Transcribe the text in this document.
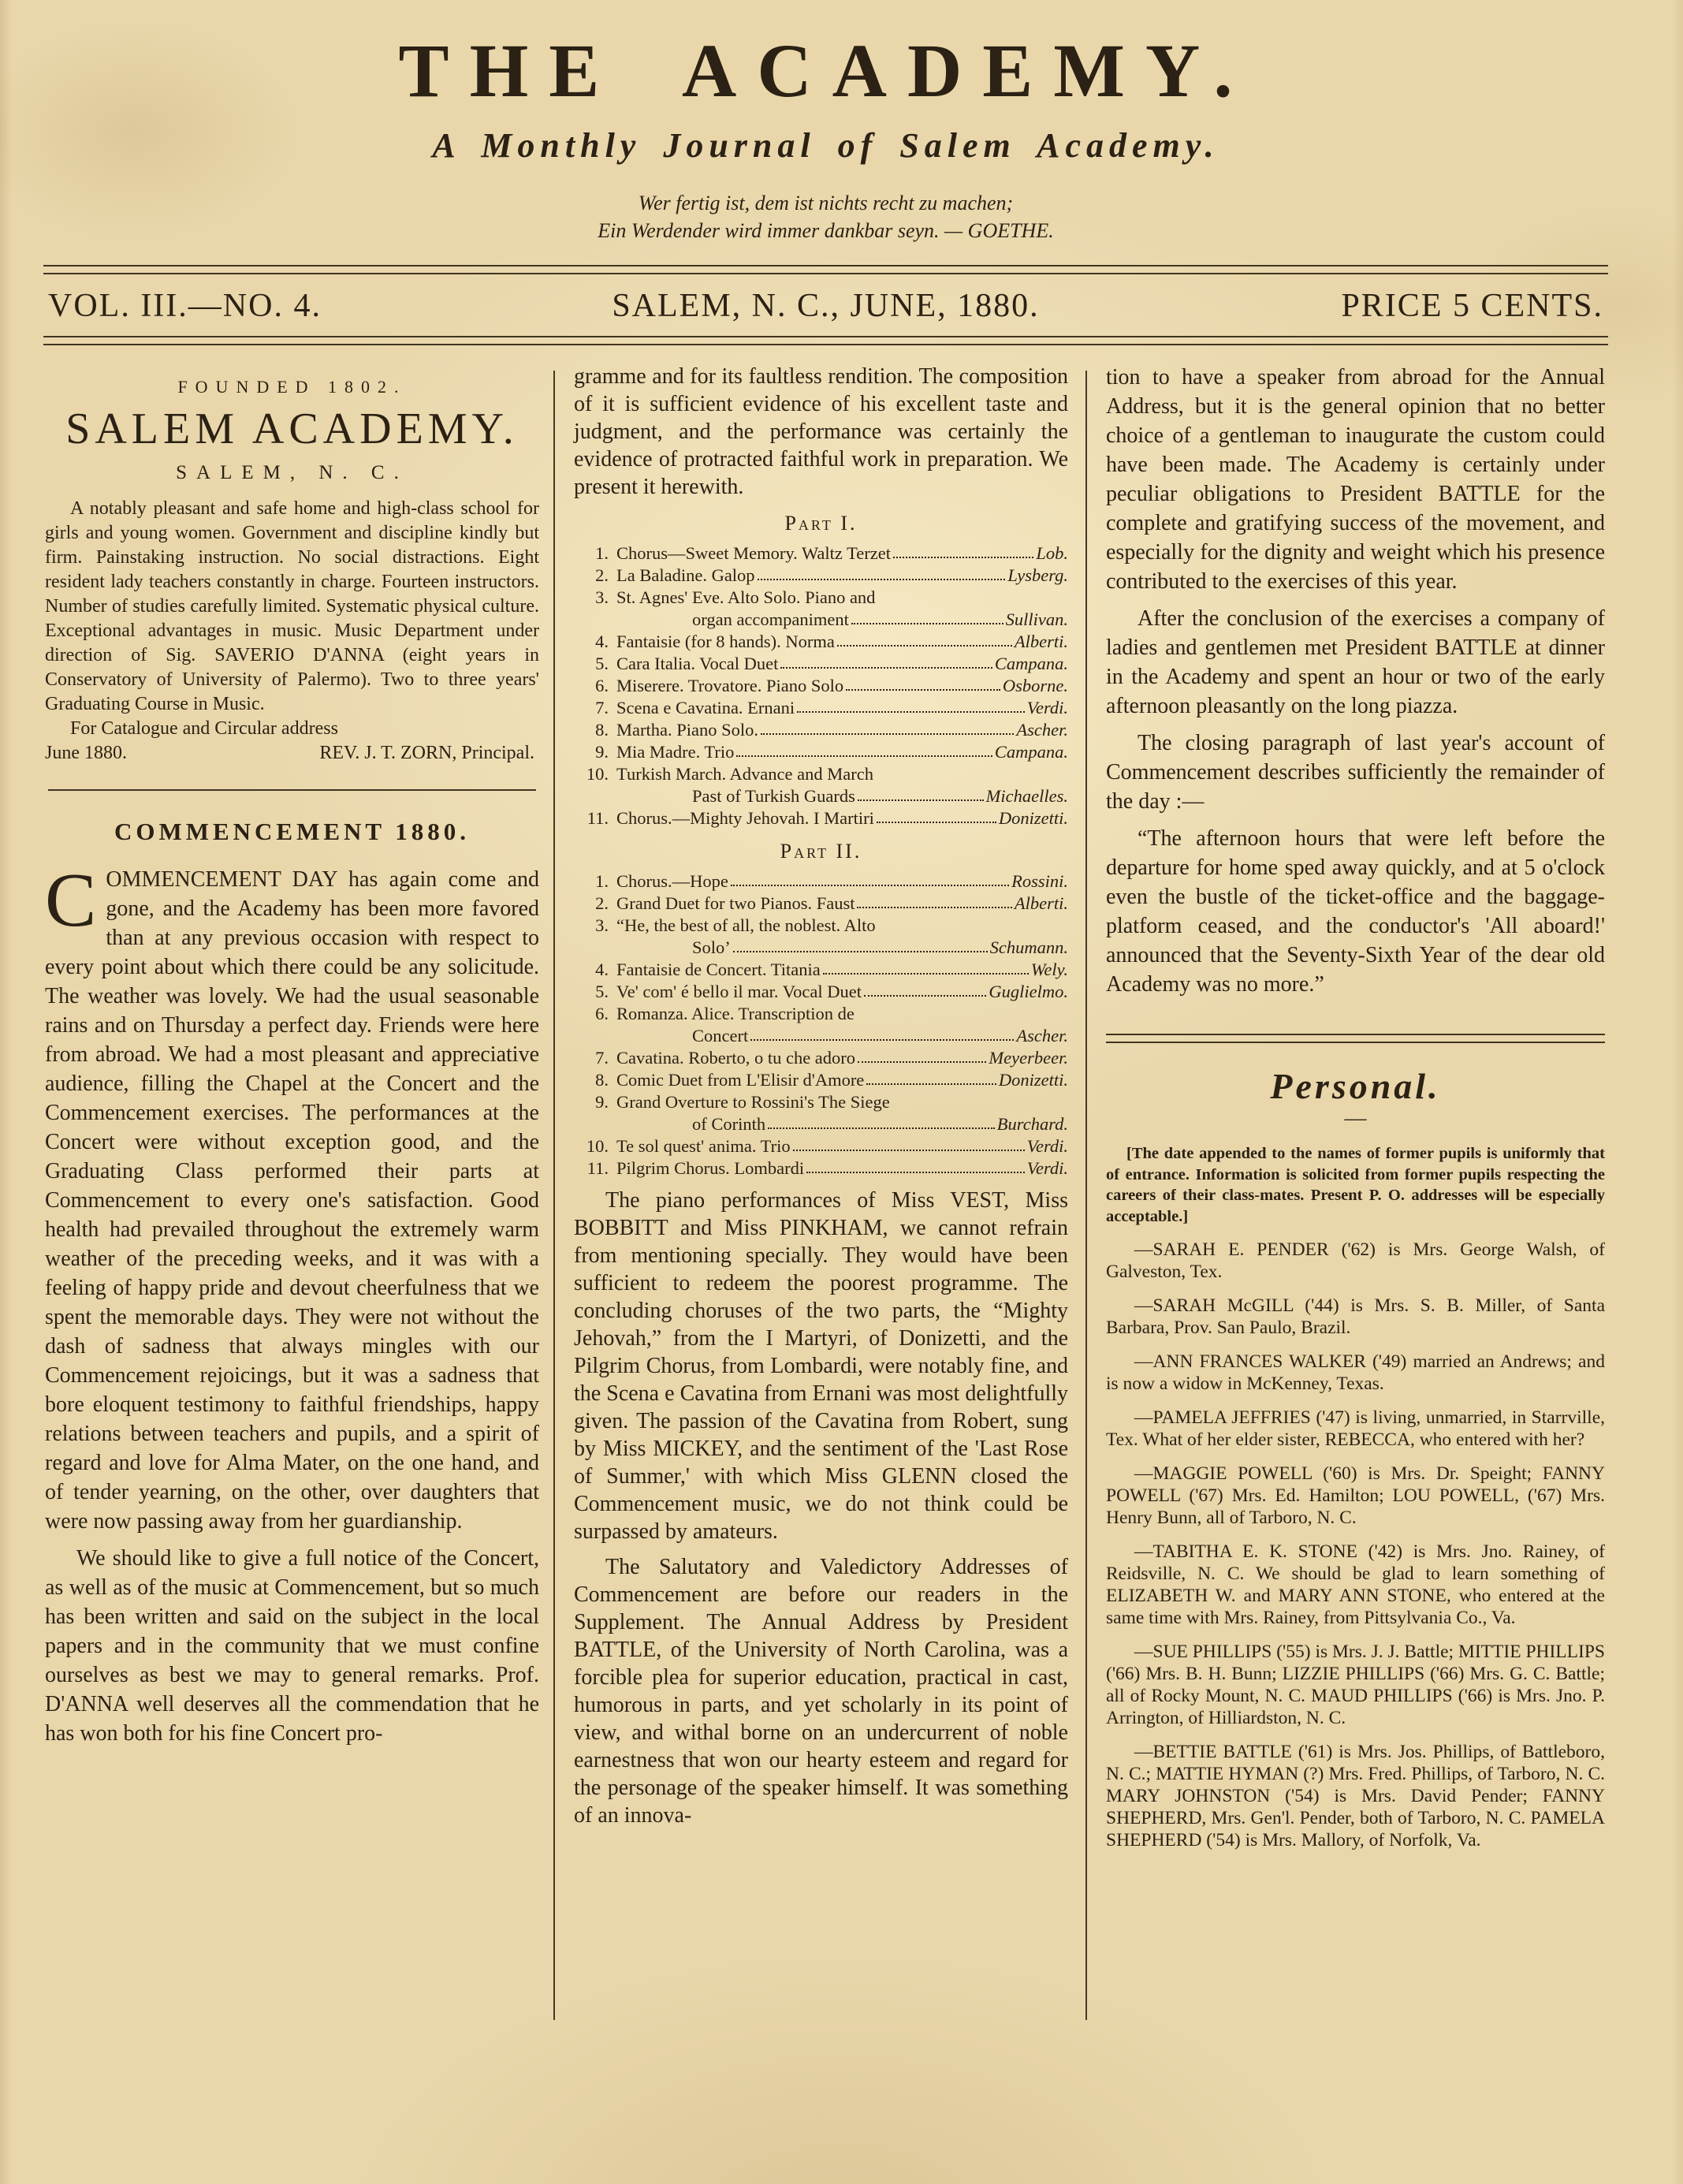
THE ACADEMY.
A Monthly Journal of Salem Academy.
Wer fertig ist, dem ist nichts recht zu machen;
Ein Werdender wird immer dankbar seyn. — GOETHE.
VOL. III.—NO. 4.	SALEM, N. C., JUNE, 1880.	PRICE 5 CENTS.
FOUNDED 1802.
SALEM ACADEMY.
SALEM, N. C.

A notably pleasant and safe home and high-class school for girls and young women. Government and discipline kindly but firm. Painstaking instruction. No social distractions. Eight resident lady teachers constantly in charge. Fourteen instructors. Number of studies carefully limited. Systematic physical culture. Exceptional advantages in music. Music Department under direction of Sig. SAVERIO D'ANNA (eight years in Conservatory of University of Palermo). Two to three years' Graduating Course in Music.

For Catalogue and Circular address

June 1880.	REV. J. T. ZORN, Principal.
COMMENCEMENT 1880.

COMMENCEMENT DAY has again come and gone, and the Academy has been more favored than at any previous occasion with respect to every point about which there could be any solicitude. The weather was lovely. We had the usual seasonable rains and on Thursday a perfect day. Friends were here from abroad. We had a most pleasant and appreciative audience, filling the Chapel at the Concert and the Commencement exercises. The performances at the Concert were without exception good, and the Graduating Class performed their parts at Commencement to every one's satisfaction. Good health had prevailed throughout the extremely warm weather of the preceding weeks, and it was with a feeling of happy pride and devout cheerfulness that we spent the memorable days. They were not without the dash of sadness that always mingles with our Commencement rejoicings, but it was a sadness that bore eloquent testimony to faithful friendships, happy relations between teachers and pupils, and a spirit of regard and love for Alma Mater, on the one hand, and of tender yearning, on the other, over daughters that were now passing away from her guardianship.

We should like to give a full notice of the Concert, as well as of the music at Commencement, but so much has been written and said on the subject in the local papers and in the community that we must confine ourselves as best we may to general remarks. Prof. D'ANNA well deserves all the commendation that he has won both for his fine Concert pro-

gramme and for its faultless rendition. The composition of it is sufficient evidence of his excellent taste and judgment, and the performance was certainly the evidence of protracted faithful work in preparation. We present it herewith.

Part I.
1. Chorus—Sweet Memory. Waltz Terzet	Lob.
2. La Baladine. Galop	Lysberg.
3. St. Agnes' Eve. Alto Solo. Piano and
organ accompaniment	Sullivan.
4. Fantaisie (for 8 hands). Norma	Alberti.
5. Cara Italia. Vocal Duet	Campana.
6. Miserere. Trovatore. Piano Solo	Osborne.
7. Scena e Cavatina. Ernani	Verdi.
8. Martha. Piano Solo.	Ascher.
9. Mia Madre. Trio	Campana.
10. Turkish March. Advance and March
Past of Turkish Guards	Michaelles.
11. Chorus.—Mighty Jehovah. I Martiri	Donizetti.
Part II.
1. Chorus.—Hope	Rossini.
2. Grand Duet for two Pianos. Faust	Alberti.
3. “He, the best of all, the noblest. Alto
Solo’	Schumann.
4. Fantaisie de Concert. Titania	Wely.
5. Ve' com' é bello il mar. Vocal Duet	Guglielmo.
6. Romanza. Alice. Transcription de
Concert	Ascher.
7. Cavatina. Roberto, o tu che adoro	Meyerbeer.
8. Comic Duet from L'Elisir d'Amore	Donizetti.
9. Grand Overture to Rossini's The Siege
of Corinth	Burchard.
10. Te sol quest' anima. Trio	Verdi.
11. Pilgrim Chorus. Lombardi	Verdi.

The piano performances of Miss VEST, Miss BOBBITT and Miss PINKHAM, we cannot refrain from mentioning specially. They would have been sufficient to redeem the poorest programme. The concluding choruses of the two parts, the “Mighty Jehovah,” from the I Martyri, of Donizetti, and the Pilgrim Chorus, from Lombardi, were notably fine, and the Scena e Cavatina from Ernani was most delightfully given. The passion of the Cavatina from Robert, sung by Miss MICKEY, and the sentiment of the 'Last Rose of Summer,' with which Miss GLENN closed the Commencement music, we do not think could be surpassed by amateurs.

The Salutatory and Valedictory Addresses of Commencement are before our readers in the Supplement. The Annual Address by President BATTLE, of the University of North Carolina, was a forcible plea for superior education, practical in cast, humorous in parts, and yet scholarly in its point of view, and withal borne on an undercurrent of noble earnestness that won our hearty esteem and regard for the personage of the speaker himself. It was something of an innova-

tion to have a speaker from abroad for the Annual Address, but it is the general opinion that no better choice of a gentleman to inaugurate the custom could have been made. The Academy is certainly under peculiar obligations to President BATTLE for the complete and gratifying success of the movement, and especially for the dignity and weight which his presence contributed to the exercises of this year.

After the conclusion of the exercises a company of ladies and gentlemen met President BATTLE at dinner in the Academy and spent an hour or two of the early afternoon pleasantly on the long piazza.

The closing paragraph of last year's account of Commencement describes sufficiently the remainder of the day :—

“The afternoon hours that were left before the departure for home sped away quickly, and at 5 o'clock even the bustle of the ticket-office and the baggage-platform ceased, and the conductor's 'All aboard!' announced that the Seventy-Sixth Year of the dear old Academy was no more.”

Personal.
—

[The date appended to the names of former pupils is uniformly that of entrance. Information is solicited from former pupils respecting the careers of their class-mates. Present P. O. addresses will be especially acceptable.]

—SARAH E. PENDER ('62) is Mrs. George Walsh, of Galveston, Tex.

—SARAH McGILL ('44) is Mrs. S. B. Miller, of Santa Barbara, Prov. San Paulo, Brazil.

—ANN FRANCES WALKER ('49) married an Andrews; and is now a widow in McKenney, Texas.

—PAMELA JEFFRIES ('47) is living, unmarried, in Starrville, Tex. What of her elder sister, REBECCA, who entered with her?

—MAGGIE POWELL ('60) is Mrs. Dr. Speight; FANNY POWELL ('67) Mrs. Ed. Hamilton; LOU POWELL, ('67) Mrs. Henry Bunn, all of Tarboro, N. C.

—TABITHA E. K. STONE ('42) is Mrs. Jno. Rainey, of Reidsville, N. C. We should be glad to learn something of ELIZABETH W. and MARY ANN STONE, who entered at the same time with Mrs. Rainey, from Pittsylvania Co., Va.

—SUE PHILLIPS ('55) is Mrs. J. J. Battle; MITTIE PHILLIPS ('66) Mrs. B. H. Bunn; LIZZIE PHILLIPS ('66) Mrs. G. C. Battle; all of Rocky Mount, N. C. MAUD PHILLIPS ('66) is Mrs. Jno. P. Arrington, of Hilliardston, N. C.

—BETTIE BATTLE ('61) is Mrs. Jos. Phillips, of Battleboro, N. C.; MATTIE HYMAN (?) Mrs. Fred. Phillips, of Tarboro, N. C. MARY JOHNSTON ('54) is Mrs. David Pender; FANNY SHEPHERD, Mrs. Gen'l. Pender, both of Tarboro, N. C. PAMELA SHEPHERD ('54) is Mrs. Mallory, of Norfolk, Va.
